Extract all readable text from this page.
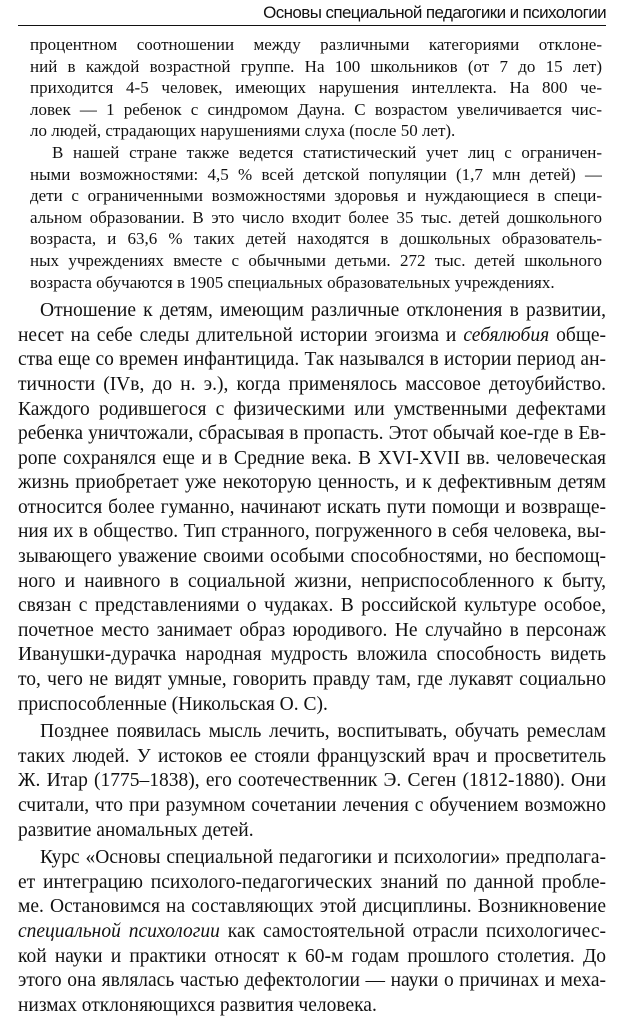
Основы специальной педагогики и психологии

процентном соотношении между различными категориями отклоне-
ний в каждой возрастной группе. На 100 школьников (от 7 до 15 лет)
приходится 4-5 человек, имеющих нарушения интеллекта. На 800 че-
ловек — 1 ребенок с синдромом Дауна. С возрастом увеличивается чис-
ло людей, страдающих нарушениями слуха (после 50 лет).

В нашей стране также ведется статистический учет лиц с ограничен-
ными возможностями: 4,5 % всей детской популяции (1,7 млн детей) —
дети с ограниченными возможностями здоровья и нуждающиеся в специ-
альном образовании. В это число входит более 35 тыс. детей дошкольного
возраста, и 63,6 % таких детей находятся в дошкольных образователь-
ных учреждениях вместе с обычными детьми. 272 тыс. детей школьного
возраста обучаются в 1905 специальных образовательных учреждениях.

Отношение к детям, имеющим различные отклонения в развитии,
несет на себе следы длительной истории эгоизма и себялюбия обще-
ства еще со времен инфантицида. Так назывался в истории период ан-
тичности (IVв, до н. э.), когда применялось массовое детоубийство.
Каждого родившегося с физическими или умственными дефектами
ребенка уничтожали, сбрасывая в пропасть. Этот обычай кое-где в Ев-
ропе сохранялся еще и в Средние века. В XVI-XVII вв. человеческая
жизнь приобретает уже некоторую ценность, и к дефективным детям
относится более гуманно, начинают искать пути помощи и возвраще-
ния их в общество. Тип странного, погруженного в себя человека, вы-
зывающего уважение своими особыми способностями, но беспомощ-
ного и наивного в социальной жизни, неприспособленного к быту,
связан с представлениями о чудаках. В российской культуре особое,
почетное место занимает образ юродивого. Не случайно в персонаж
Иванушки-дурачка народная мудрость вложила способность видеть
то, чего не видят умные, говорить правду там, где лукавят социально
приспособленные (Никольская О. С).

Позднее появилась мысль лечить, воспитывать, обучать ремеслам
таких людей. У истоков ее стояли французский врач и просветитель
Ж. Итар (1775–1838), его соотечественник Э. Сеген (1812-1880). Они
считали, что при разумном сочетании лечения с обучением возможно
развитие аномальных детей.

Курс «Основы специальной педагогики и психологии» предполага-
ет интеграцию психолого-педагогических знаний по данной пробле-
ме. Остановимся на составляющих этой дисциплины. Возникновение
специальной психологии как самостоятельной отрасли психологичес-
кой науки и практики относят к 60-м годам прошлого столетия. До
этого она являлась частью дефектологии — науки о причинах и меха-
низмах отклоняющихся развития человека.
